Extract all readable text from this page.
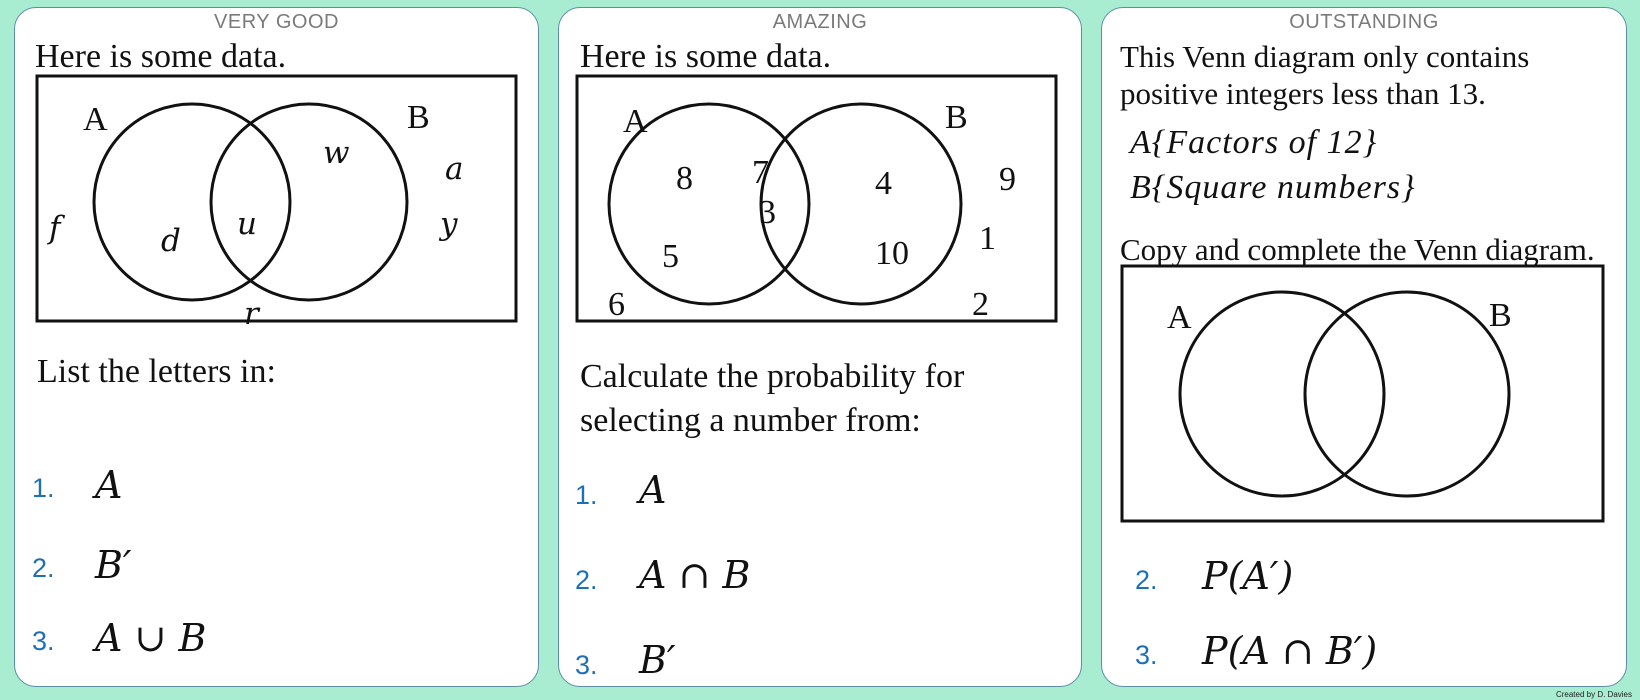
VERY GOOD
Here is some data.
A	B
d u
w
f
a
y
r
List the letters in:
1. A
2. B′
3. A ∪ B
AMAZING
Here is some data.
A	B
8
5
7
3
4
10
9
1
2
6
Calculate the probability for
selecting a number from:
1. A
2. A ∩ B
3. B′
OUTSTANDING
This Venn diagram only contains
positive integers less than 13.
A{Factors of 12}
B{Square numbers}
Copy and complete the Venn diagram.
A	B
2. P(A′)
3. P(A ∩ B′)
Created by D. Davies
